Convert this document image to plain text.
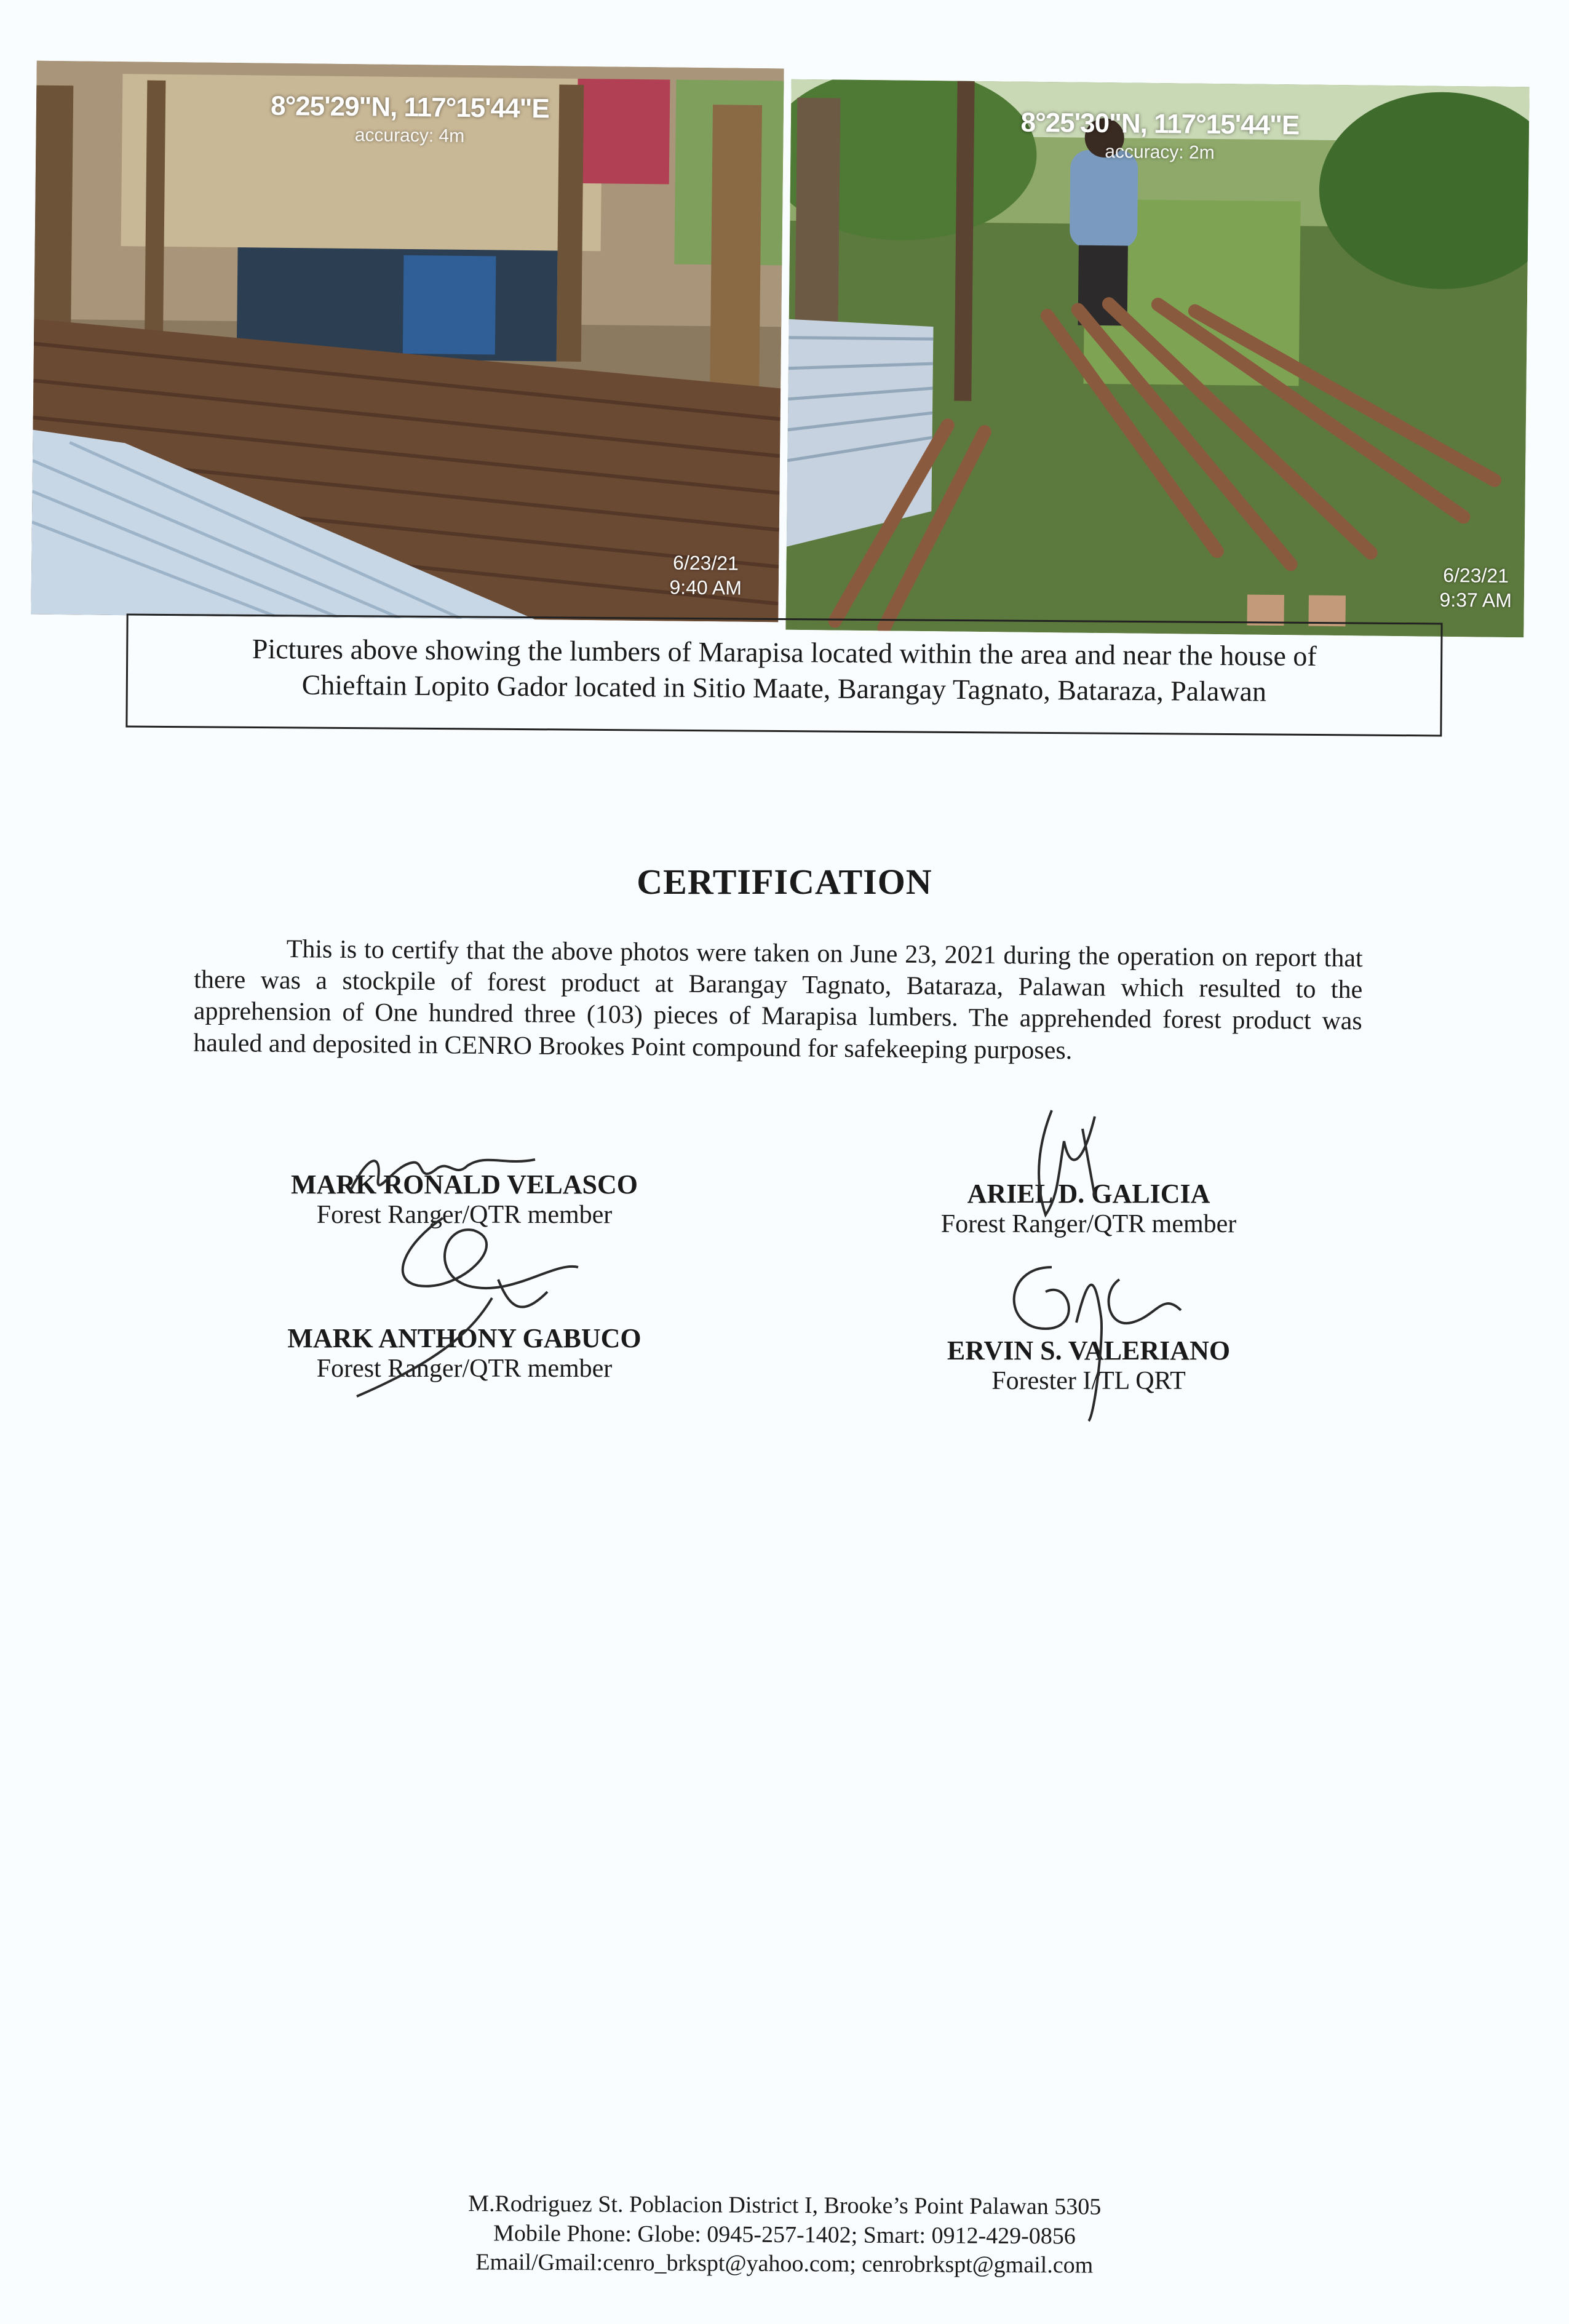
8°25'29"N, 117°15'44"E
accuracy: 4m
6/23/21
9:40 AM
8°25'30"N, 117°15'44"E
accuracy: 2m
6/23/21
9:37 AM
Pictures above showing the lumbers of Marapisa located within the area and near the house of
Chieftain Lopito Gador located in Sitio Maate, Barangay Tagnato, Bataraza, Palawan
CERTIFICATION
This is to certify that the above photos were taken on June 23, 2021 during the operation on report that there was a stockpile of forest product at Barangay Tagnato, Bataraza, Palawan which resulted to the apprehension of One hundred three (103) pieces of Marapisa lumbers. The apprehended forest product was hauled and deposited in CENRO Brookes Point compound for safekeeping purposes.
MARK RONALD VELASCO
Forest Ranger/QTR member
ARIEL D. GALICIA
Forest Ranger/QTR member
MARK ANTHONY GABUCO
Forest Ranger/QTR member
ERVIN S. VALERIANO
Forester I/TL QRT
M.Rodriguez St. Poblacion District I, Brooke’s Point Palawan 5305
Mobile Phone: Globe: 0945-257-1402; Smart: 0912-429-0856
Email/Gmail:cenro_brkspt@yahoo.com; cenrobrkspt@gmail.com
